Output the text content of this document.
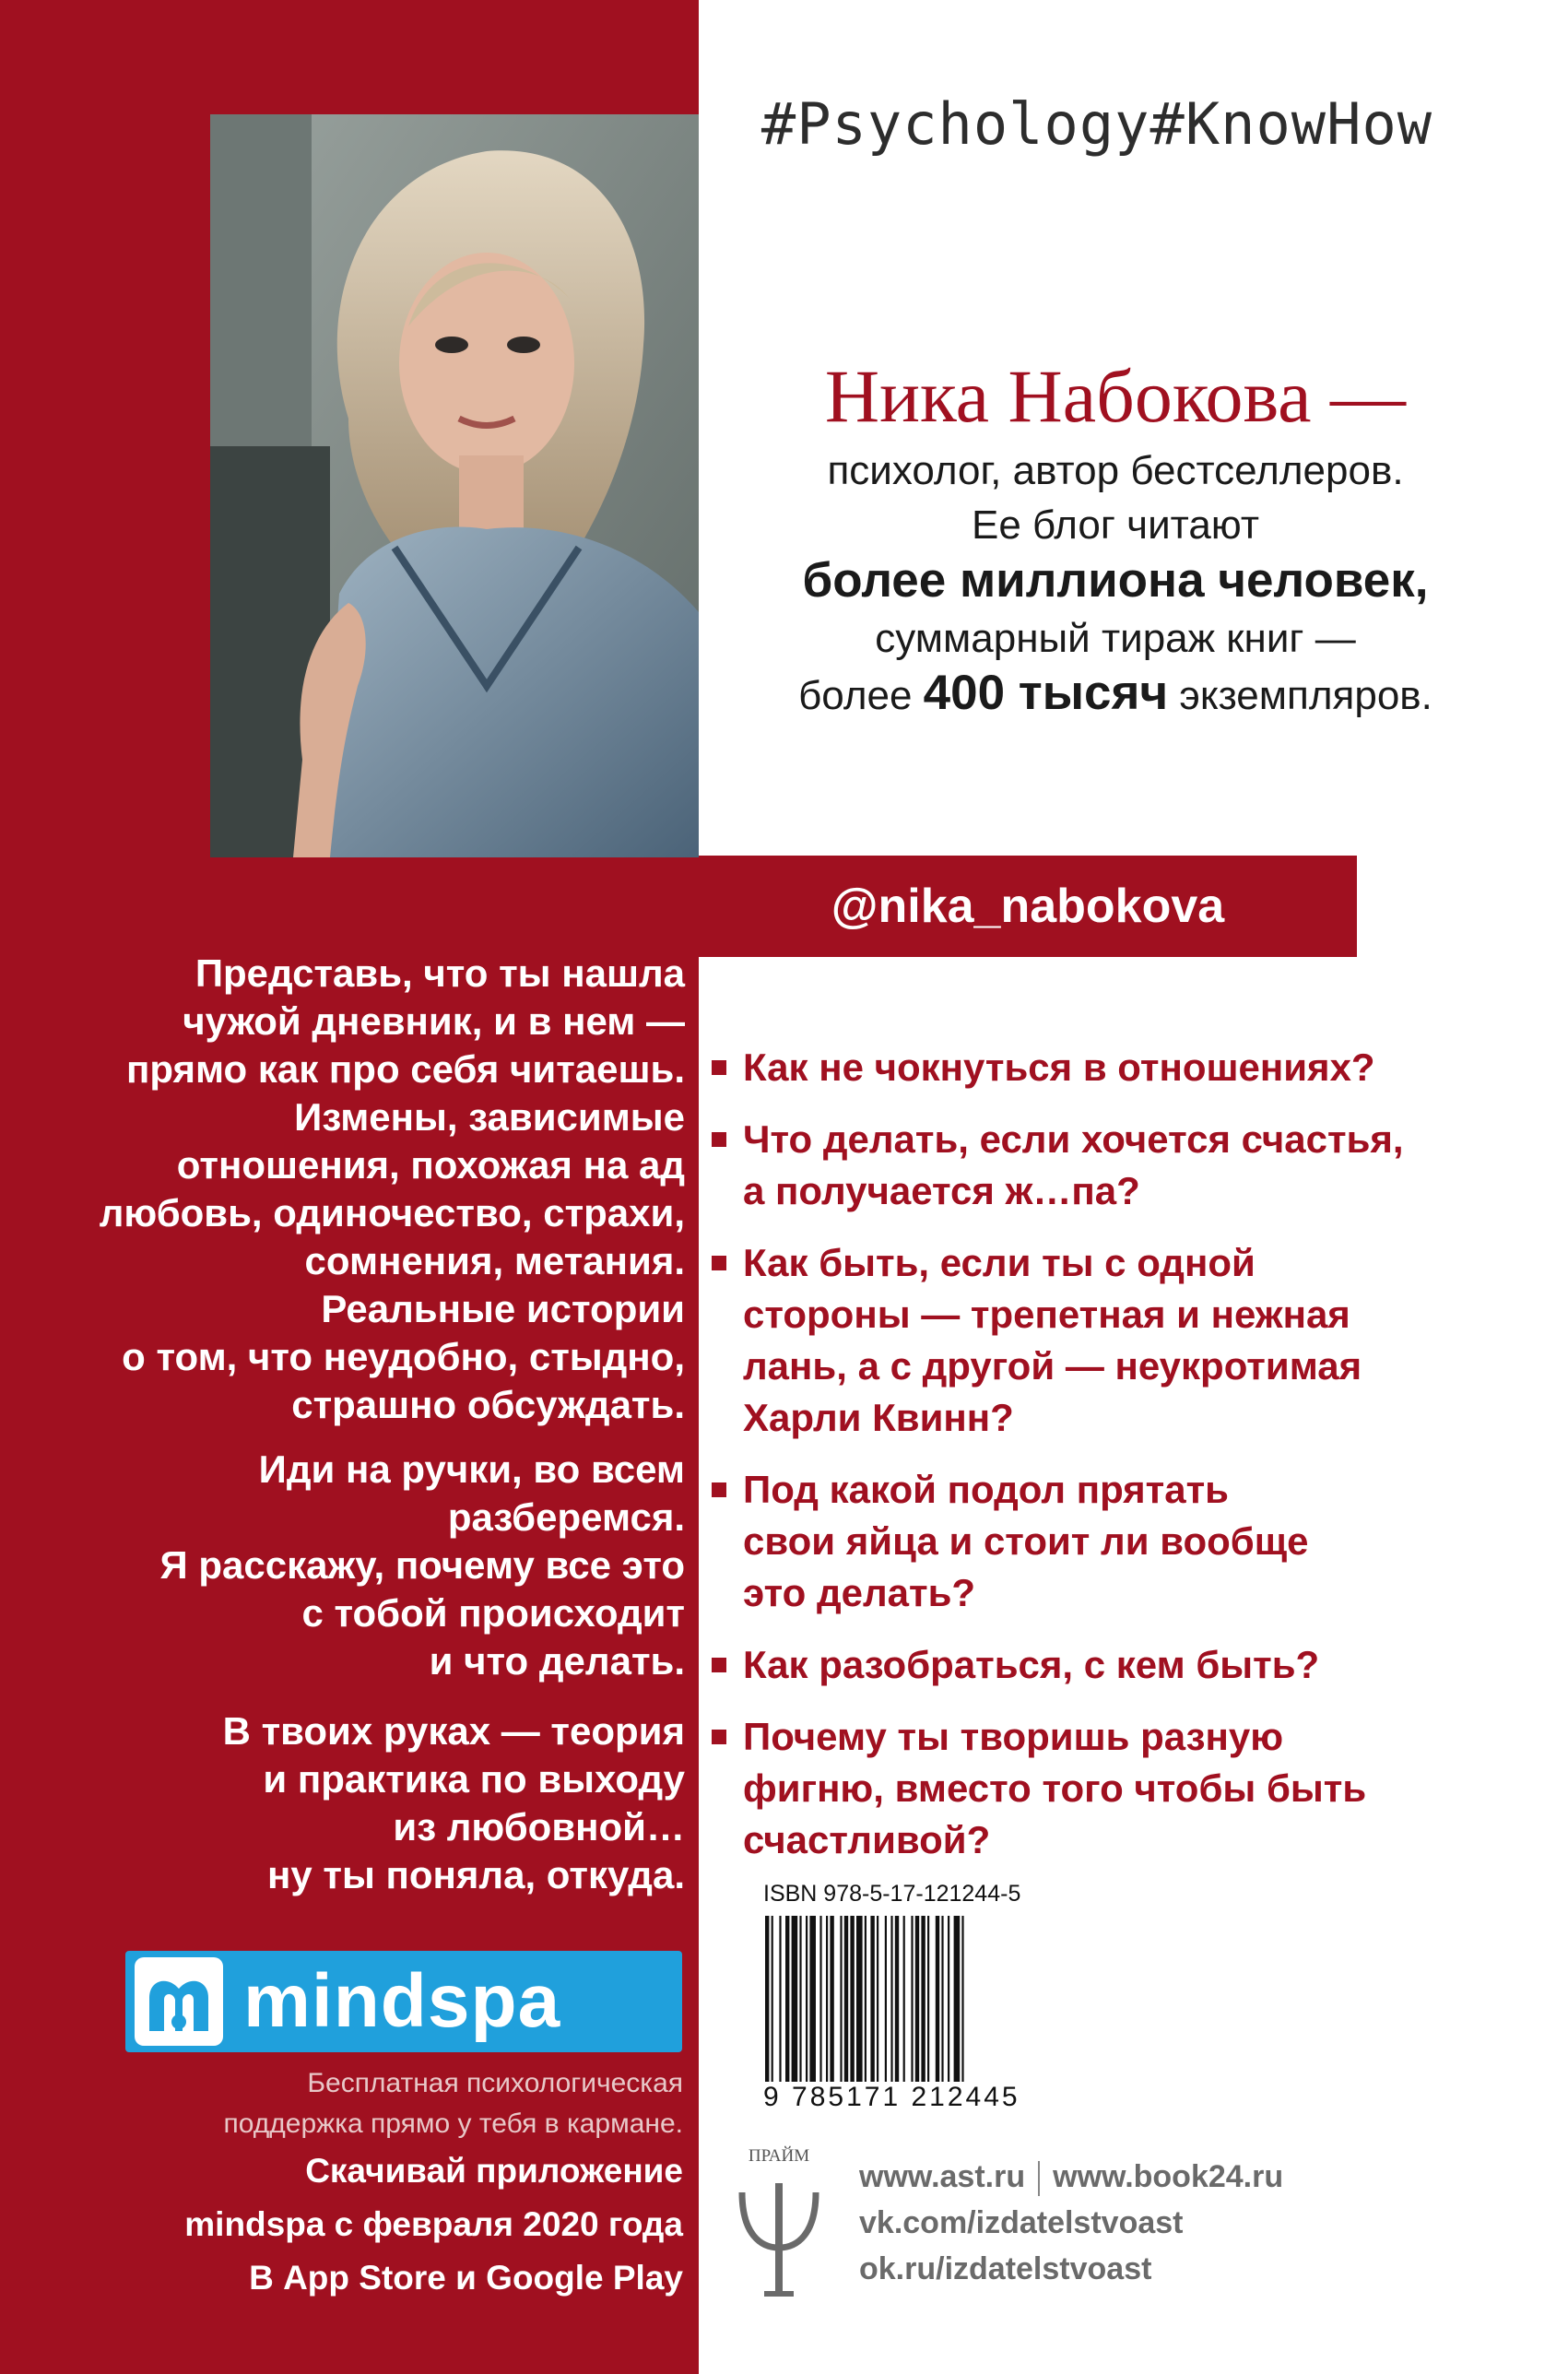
#Psychology#KnowHow
Ника Набокова —
психолог, автор бестселлеров.
Ее блог читают
более миллиона человек,
суммарный тираж книг —
более 400 тысяч экземпляров.
@nika_nabokova
Представь, что ты нашла
чужой дневник, и в нем —
прямо как про себя читаешь.
Измены, зависимые
отношения, похожая на ад
любовь, одиночество, страхи,
сомнения, метания.
Реальные истории
о том, что неудобно, стыдно,
страшно обсуждать.
Иди на ручки, во всем
разберемся.
Я расскажу, почему все это
с тобой происходит
и что делать.
В твоих руках — теория
и практика по выходу
из любовной…
ну ты поняла, откуда.
Как не чокнуться в отношениях?
Что делать, если хочется счастья,
а получается ж…па?
Как быть, если ты с одной
стороны — трепетная и нежная
лань, а с другой — неукротимая
Харли Квинн?
Под какой подол прятать
свои яйца и стоит ли вообще
это делать?
Как разобраться, с кем быть?
Почему ты творишь разную
фигню, вместо того чтобы быть
счастливой?
ISBN 978-5-17-121244-5
9 785171 212445
mindspa
Бесплатная психологическая
поддержка прямо у тебя в кармане.
Скачивай приложение
mindspa с февраля 2020 года
В App Store и Google Play
ПРАЙМ
www.ast.ru www.book24.ru
vk.com/izdatelstvoast
ok.ru/izdatelstvoast
